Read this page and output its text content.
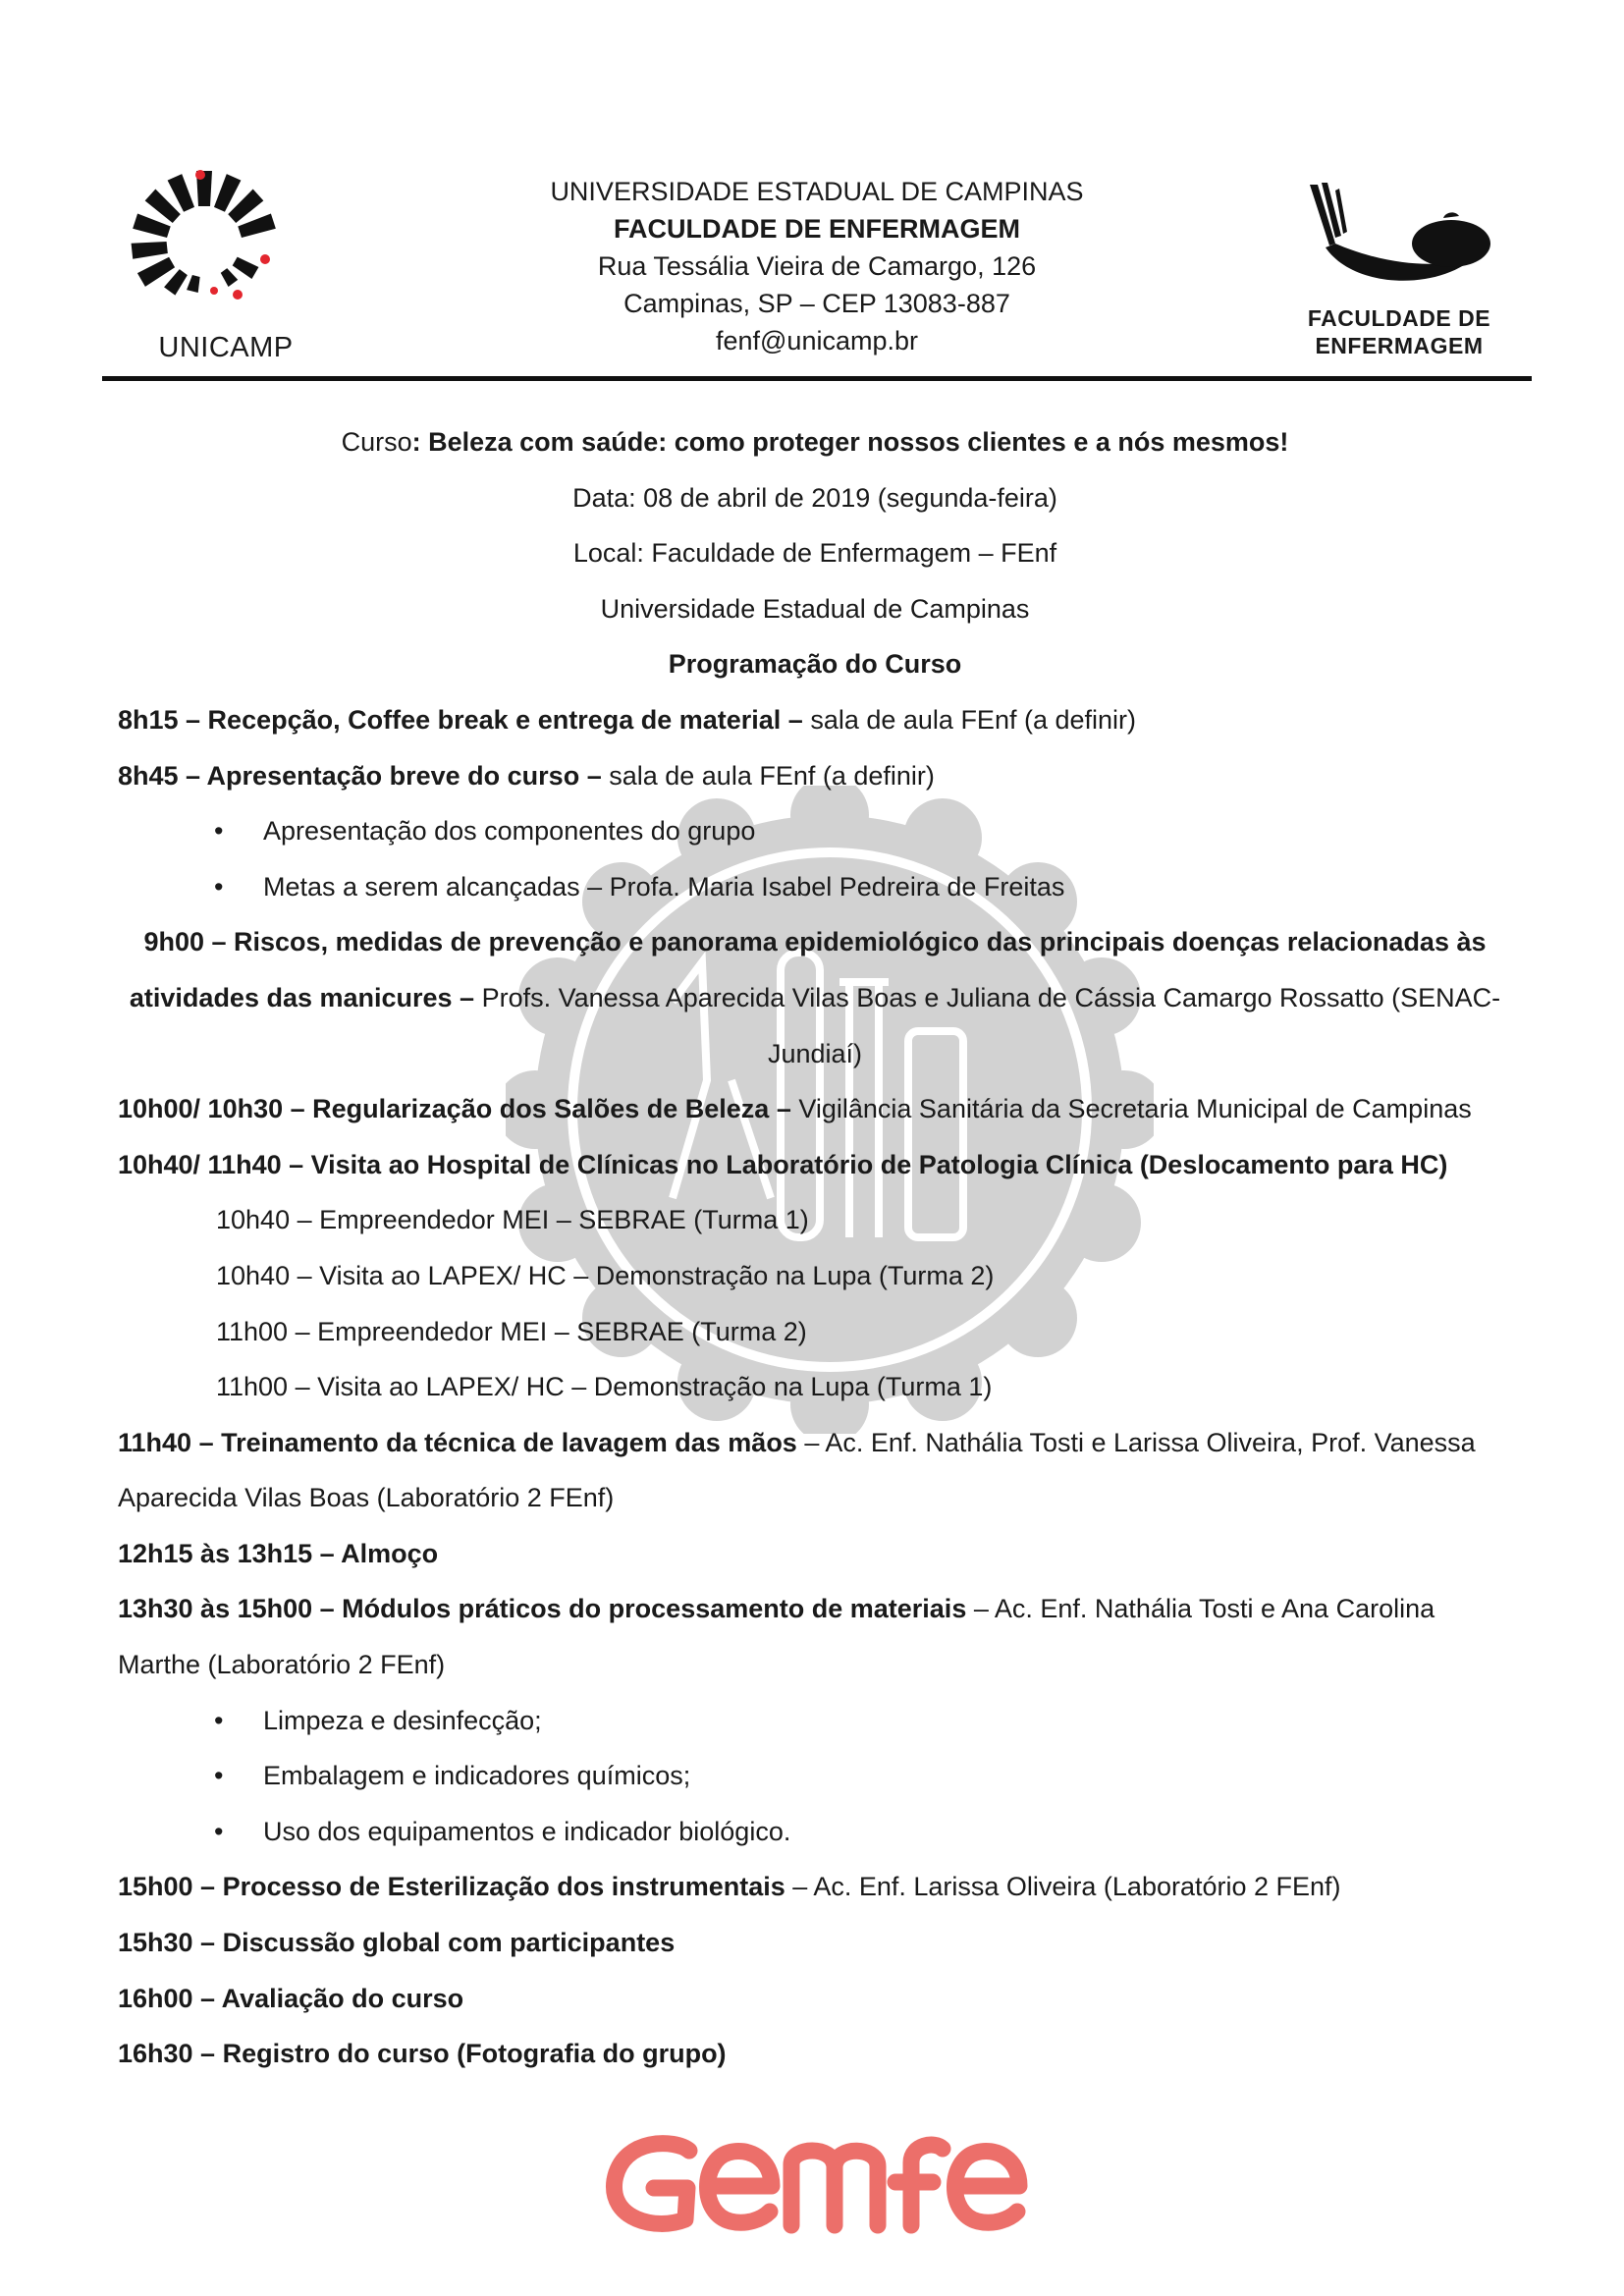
UNICAMP
UNIVERSIDADE ESTADUAL DE CAMPINAS
FACULDADE DE ENFERMAGEM
Rua Tessália Vieira de Camargo, 126
Campinas, SP – CEP 13083-887
fenf@unicamp.br
FACULDADE DE
ENFERMAGEM
Curso: Beleza com saúde: como proteger nossos clientes e a nós mesmos!
Data: 08 de abril de 2019 (segunda-feira)
Local: Faculdade de Enfermagem – FEnf
Universidade Estadual de Campinas
Programação do Curso
8h15 – Recepção, Coffee break e entrega de material – sala de aula FEnf (a definir)
8h45 – Apresentação breve do curso – sala de aula FEnf (a definir)
• Apresentação dos componentes do grupo
• Metas a serem alcançadas – Profa. Maria Isabel Pedreira de Freitas
9h00 – Riscos, medidas de prevenção e panorama epidemiológico das principais doenças relacionadas às atividades das manicures – Profs. Vanessa Aparecida Vilas Boas e Juliana de Cássia Camargo Rossatto (SENAC-Jundiaí)
10h00/ 10h30 – Regularização dos Salões de Beleza – Vigilância Sanitária da Secretaria Municipal de Campinas
10h40/ 11h40 – Visita ao Hospital de Clínicas no Laboratório de Patologia Clínica (Deslocamento para HC)
10h40 – Empreendedor MEI – SEBRAE (Turma 1)
10h40 – Visita ao LAPEX/ HC – Demonstração na Lupa (Turma 2)
11h00 – Empreendedor MEI – SEBRAE (Turma 2)
11h00 – Visita ao LAPEX/ HC – Demonstração na Lupa (Turma 1)
11h40 – Treinamento da técnica de lavagem das mãos – Ac. Enf. Nathália Tosti e Larissa Oliveira, Prof. Vanessa Aparecida Vilas Boas (Laboratório 2 FEnf)
12h15 às 13h15 – Almoço
13h30 às 15h00 – Módulos práticos do processamento de materiais – Ac. Enf. Nathália Tosti e Ana Carolina Marthe (Laboratório 2 FEnf)
• Limpeza e desinfecção;
• Embalagem e indicadores químicos;
• Uso dos equipamentos e indicador biológico.
15h00 – Processo de Esterilização dos instrumentais – Ac. Enf. Larissa Oliveira (Laboratório 2 FEnf)
15h30 – Discussão global com participantes
16h00 – Avaliação do curso
16h30 – Registro do curso (Fotografia do grupo)
